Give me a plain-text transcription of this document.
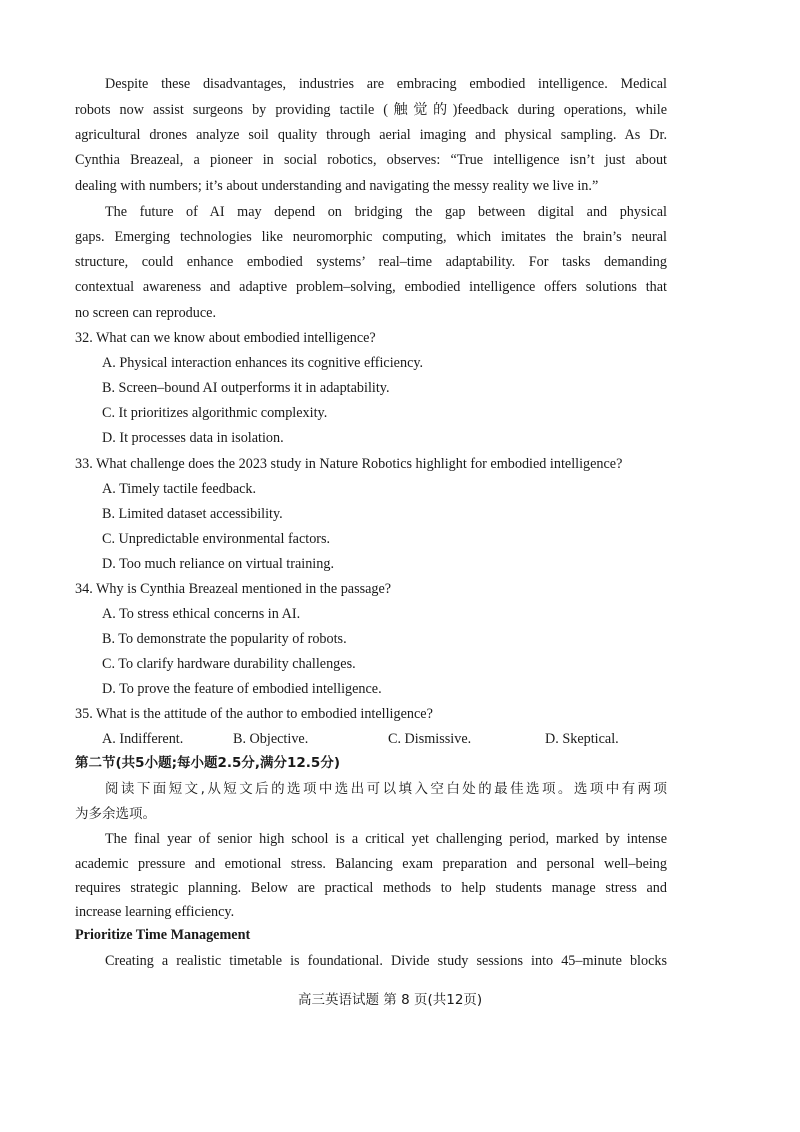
Despite these disadvantages, industries are embracing embodied intelligence. Medical
robots now assist surgeons by providing tactile (触觉的)feedback during operations, while
agricultural drones analyze soil quality through aerial imaging and physical sampling. As Dr.
Cynthia Breazeal, a pioneer in social robotics, observes: “True intelligence isn’t just about
dealing with numbers; it’s about understanding and navigating the messy reality we live in.”
The future of AI may depend on bridging the gap between digital and physical
gaps. Emerging technologies like neuromorphic computing, which imitates the brain’s neural
structure, could enhance embodied systems’ real–time adaptability. For tasks demanding
contextual awareness and adaptive problem–solving, embodied intelligence offers solutions that
no screen can reproduce.
32. What can we know about embodied intelligence?
A. Physical interaction enhances its cognitive efficiency.
B. Screen–bound AI outperforms it in adaptability.
C. It prioritizes algorithmic complexity.
D. It processes data in isolation.
33. What challenge does the 2023 study in Nature Robotics highlight for embodied intelligence?
A. Timely tactile feedback.
B. Limited dataset accessibility.
C. Unpredictable environmental factors.
D. Too much reliance on virtual training.
34. Why is Cynthia Breazeal mentioned in the passage?
A. To stress ethical concerns in AI.
B. To demonstrate the popularity of robots.
C. To clarify hardware durability challenges.
D. To prove the feature of embodied intelligence.
35. What is the attitude of the author to embodied intelligence?
A. Indifferent.	B. Objective.	C. Dismissive.	D. Skeptical.
第二节(共5小题;每小题2.5分,满分12.5分)
阅读下面短文,从短文后的选项中选出可以填入空白处的最佳选项。选项中有两项
为多余选项。
The final year of senior high school is a critical yet challenging period, marked by intense
academic pressure and emotional stress. Balancing exam preparation and personal well–being
requires strategic planning. Below are practical methods to help students manage stress and
increase learning efficiency.
Prioritize Time Management
Creating a realistic timetable is foundational. Divide study sessions into 45–minute blocks
高三英语试题 第 8 页(共12页)
